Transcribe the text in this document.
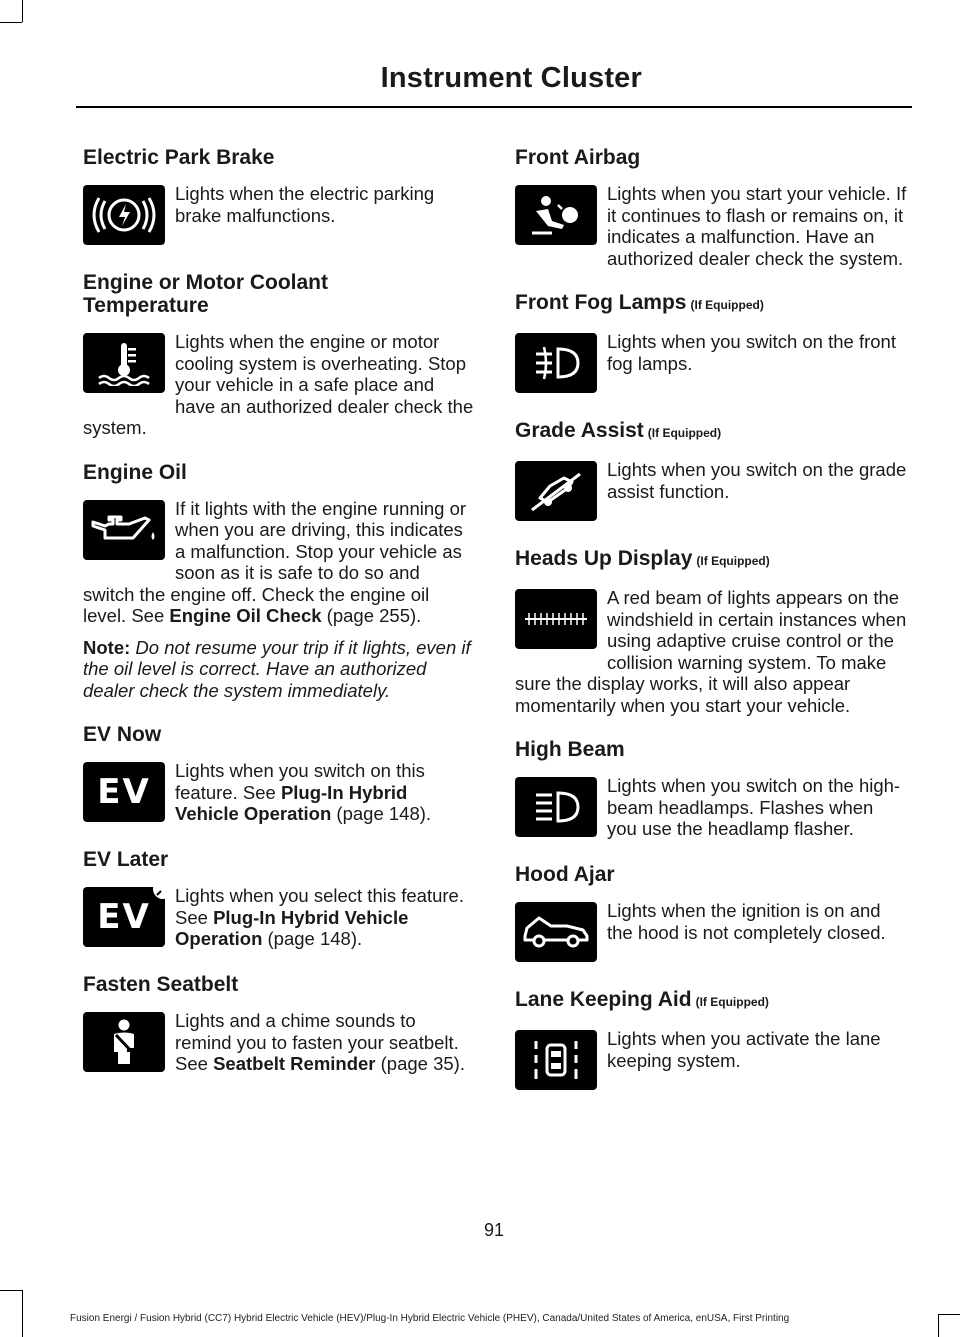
Instrument Cluster
Electric Park Brake

Lights when the electric parking brake malfunctions.

Engine or Motor Coolant Temperature

Lights when the engine or motor cooling system is overheating. Stop your vehicle in a safe place and have an authorized dealer check the system.

Engine Oil

If it lights with the engine running or when you are driving, this indicates a malfunction. Stop your vehicle as soon as it is safe to do so and switch the engine off. Check the engine oil level. See Engine Oil Check (page 255).

Note: Do not resume your trip if it lights, even if the oil level is correct. Have an authorized dealer check the system immediately.

EV Now
EV

Lights when you switch on this feature. See Plug-In Hybrid Vehicle Operation (page 148).

EV Later
EV

Lights when you select this feature. See Plug-In Hybrid Vehicle Operation (page 148).

Fasten Seatbelt

Lights and a chime sounds to remind you to fasten your seatbelt. See Seatbelt Reminder (page 35).

Front Airbag

Lights when you start your vehicle. If it continues to flash or remains on, it indicates a malfunction. Have an authorized dealer check the system.

Front Fog Lamps (If Equipped)

Lights when you switch on the front fog lamps.

Grade Assist (If Equipped)

Lights when you switch on the grade assist function.

Heads Up Display (If Equipped)

A red beam of lights appears on the windshield in certain instances when using adaptive cruise control or the collision warning system. To make sure the display works, it will also appear momentarily when you start your vehicle.

High Beam

Lights when you switch on the high-beam headlamps. Flashes when you use the headlamp flasher.

Hood Ajar

Lights when the ignition is on and the hood is not completely closed.

Lane Keeping Aid (If Equipped)

Lights when you activate the lane keeping system.

91
Fusion Energi / Fusion Hybrid (CC7) Hybrid Electric Vehicle (HEV)/Plug-In Hybrid Electric Vehicle (PHEV), Canada/United States of America, enUSA, First Printing
